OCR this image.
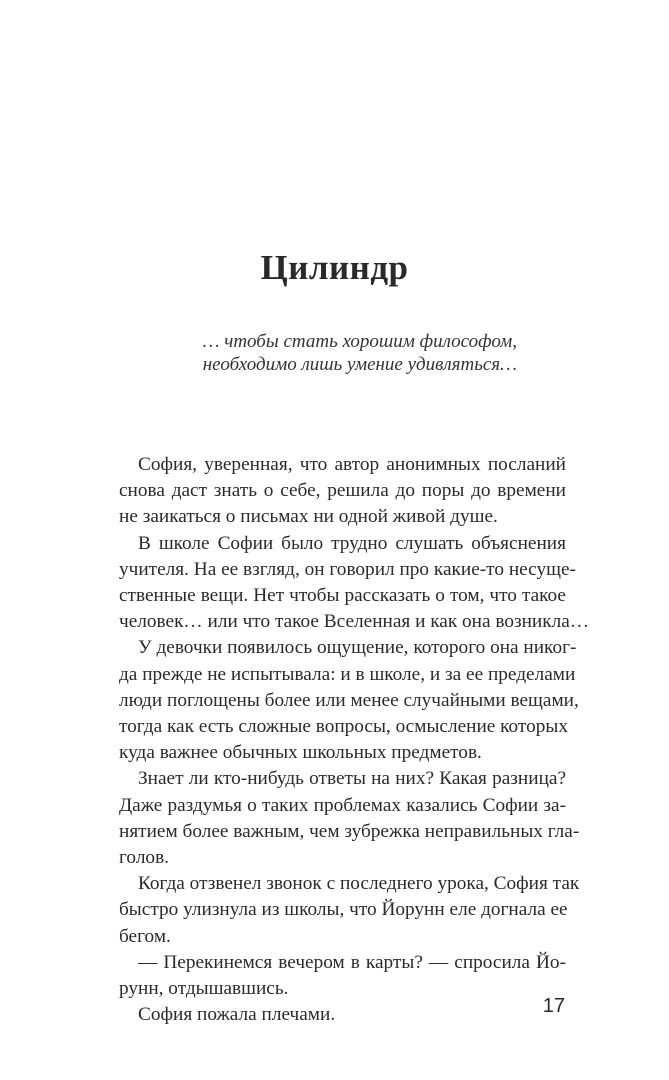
Цилиндр
… чтобы стать хорошим философом,
необходимо лишь умение удивляться…

София, уверенная, что автор анонимных посланий
снова даст знать о себе, решила до поры до времени
не заикаться о письмах ни одной живой душе.

В школе Софии было трудно слушать объяснения
учителя. На ее взгляд, он говорил про какие-то несуще-
ственные вещи. Нет чтобы рассказать о том, что такое
человек… или что такое Вселенная и как она возникла…

У девочки появилось ощущение, которого она никог-
да прежде не испытывала: и в школе, и за ее пределами
люди поглощены более или менее случайными вещами,
тогда как есть сложные вопросы, осмысление которых
куда важнее обычных школьных предметов.

Знает ли кто-нибудь ответы на них? Какая разница?
Даже раздумья о таких проблемах казались Софии за-
нятием более важным, чем зубрежка неправильных гла-
голов.

Когда отзвенел звонок с последнего урока, София так
быстро улизнула из школы, что Йорунн еле догнала ее
бегом.

— Перекинемся вечером в карты? — спросила Йо-
рунн, отдышавшись.

София пожала плечами.	17
